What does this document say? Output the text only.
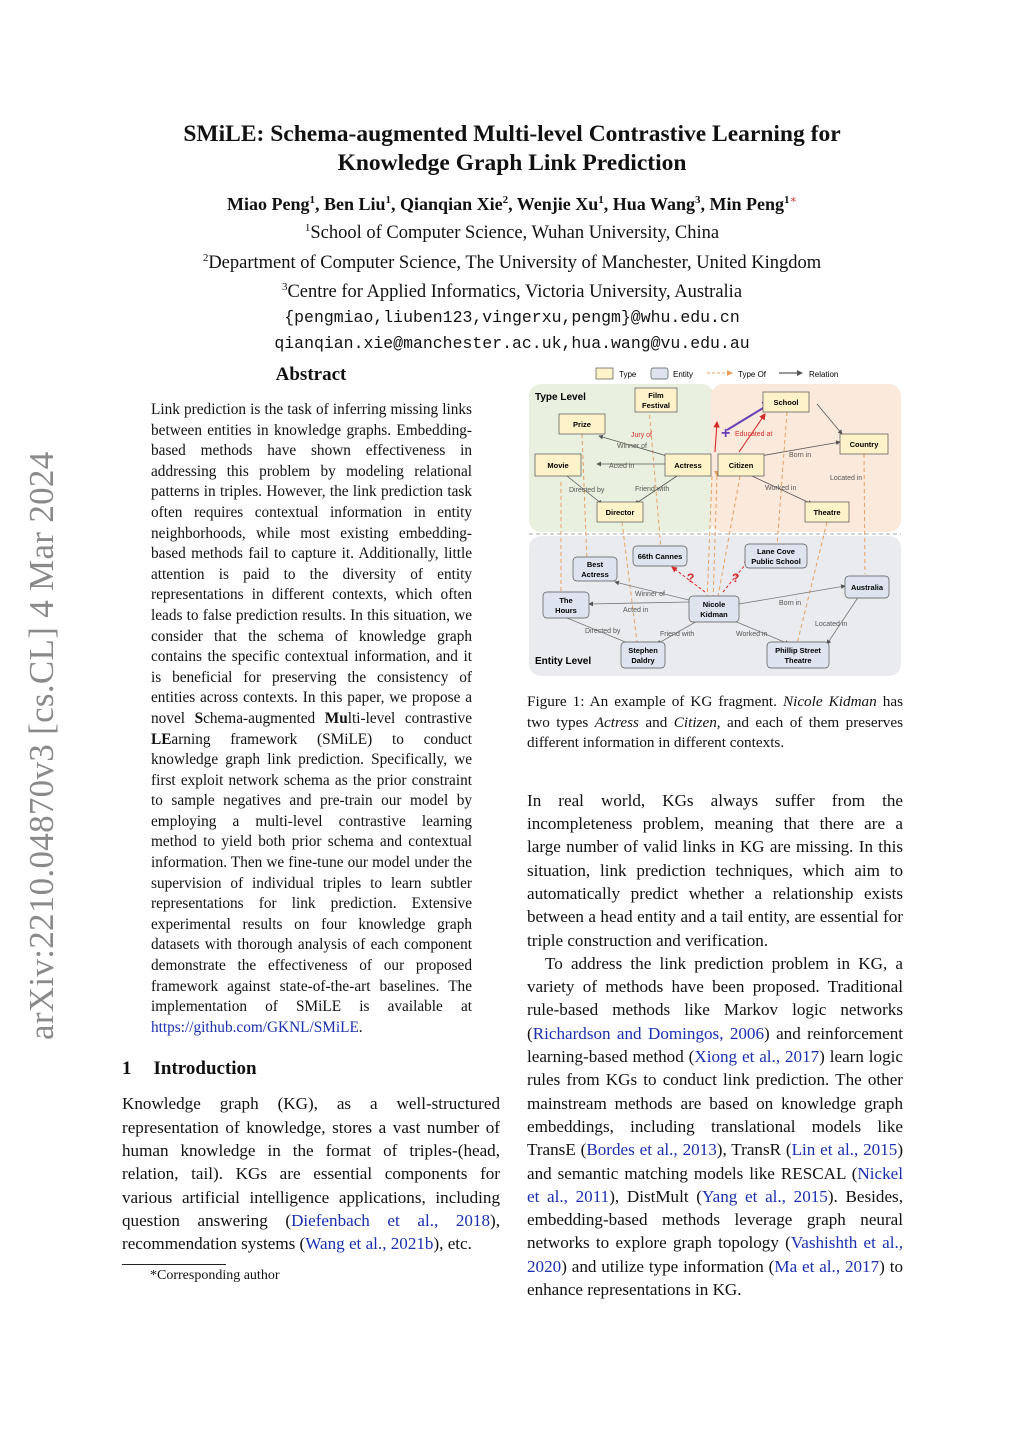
arXiv:2210.04870v3 [cs.CL] 4 Mar 2024
SMiLE: Schema-augmented Multi-level Contrastive Learning for
Knowledge Graph Link Prediction
Miao Peng$^1$, Ben Liu$^1$, Qianqian Xie$^2$, Wenjie Xu$^1$, Hua Wang$^3$, Min Peng$^{1∗}$
$^1$School of Computer Science, Wuhan University, China
$^2$Department of Computer Science, The University of Manchester, United Kingdom
$^3$Centre for Applied Informatics, Victoria University, Australia
{pengmiao,liuben123,vingerxu,pengm}@whu.edu.cn
qianqian.xie@manchester.ac.uk,hua.wang@vu.edu.au
Abstract
Link prediction is the task of inferring missing links between entities in knowledge graphs. Embedding-based methods have shown effectiveness in addressing this problem by modeling relational patterns in triples. However, the link prediction task often requires contextual information in entity neighborhoods, while most existing embedding-based methods fail to capture it. Additionally, little attention is paid to the diversity of entity representations in different contexts, which often leads to false prediction results. In this situation, we consider that the schema of knowledge graph contains the specific contextual information, and it is beneficial for preserving the consistency of entities across contexts. In this paper, we propose a novel Schema-augmented Multi-level contrastive LEarning framework (SMiLE) to conduct knowledge graph link prediction. Specifically, we first exploit network schema as the prior constraint to sample negatives and pre-train our model by employing a multi-level contrastive learning method to yield both prior schema and contextual information. Then we fine-tune our model under the supervision of individual triples to learn subtler representations for link prediction. Extensive experimental results on four knowledge graph datasets with thorough analysis of each component demonstrate the effectiveness of our proposed framework against state-of-the-art baselines. The implementation of SMiLE is available at https://github.com/GKNL/SMiLE.
1 Introduction
Knowledge graph (KG), as a well-structured representation of knowledge, stores a vast number of human knowledge in the format of triples-(head, relation, tail). KGs are essential components for various artificial intelligence applications, including question answering (Diefenbach et al., 2018), recommendation systems (Wang et al., 2021b), etc.
*Corresponding author
Type	Entity	Type Of	Relation
Type Level
Entity Level
+
Winner of
Jury of	Educated at
Acted in
Born in
Located in
Directed by	Friend with	Worked in
Prize
Film
Festival	School
Country
Movie	Actress	Citizen
Director	Theatre
?	?
Winner of
Acted in
Born in
Directed by	Friend with	Worked in
Located in
Best
Actress
66th Cannes
Lane Cove
Public School
The
Hours
Nicole
Kidman
Australia
Stephen
Daldry
Phillip Street
Theatre
Figure 1: An example of KG fragment. Nicole Kidman has two types Actress and Citizen, and each of them preserves different information in different contexts.

In real world, KGs always suffer from the incompleteness problem, meaning that there are a large number of valid links in KG are missing. In this situation, link prediction techniques, which aim to automatically predict whether a relationship exists between a head entity and a tail entity, are essential for triple construction and verification.

To address the link prediction problem in KG, a variety of methods have been proposed. Traditional rule-based methods like Markov logic networks (Richardson and Domingos, 2006) and reinforcement learning-based method (Xiong et al., 2017) learn logic rules from KGs to conduct link prediction. The other mainstream methods are based on knowledge graph embeddings, including translational models like TransE (Bordes et al., 2013), TransR (Lin et al., 2015) and semantic matching models like RESCAL (Nickel et al., 2011), DistMult (Yang et al., 2015). Besides, embedding-based methods leverage graph neural networks to explore graph topology (Vashishth et al., 2020) and utilize type information (Ma et al., 2017) to enhance representations in KG.
